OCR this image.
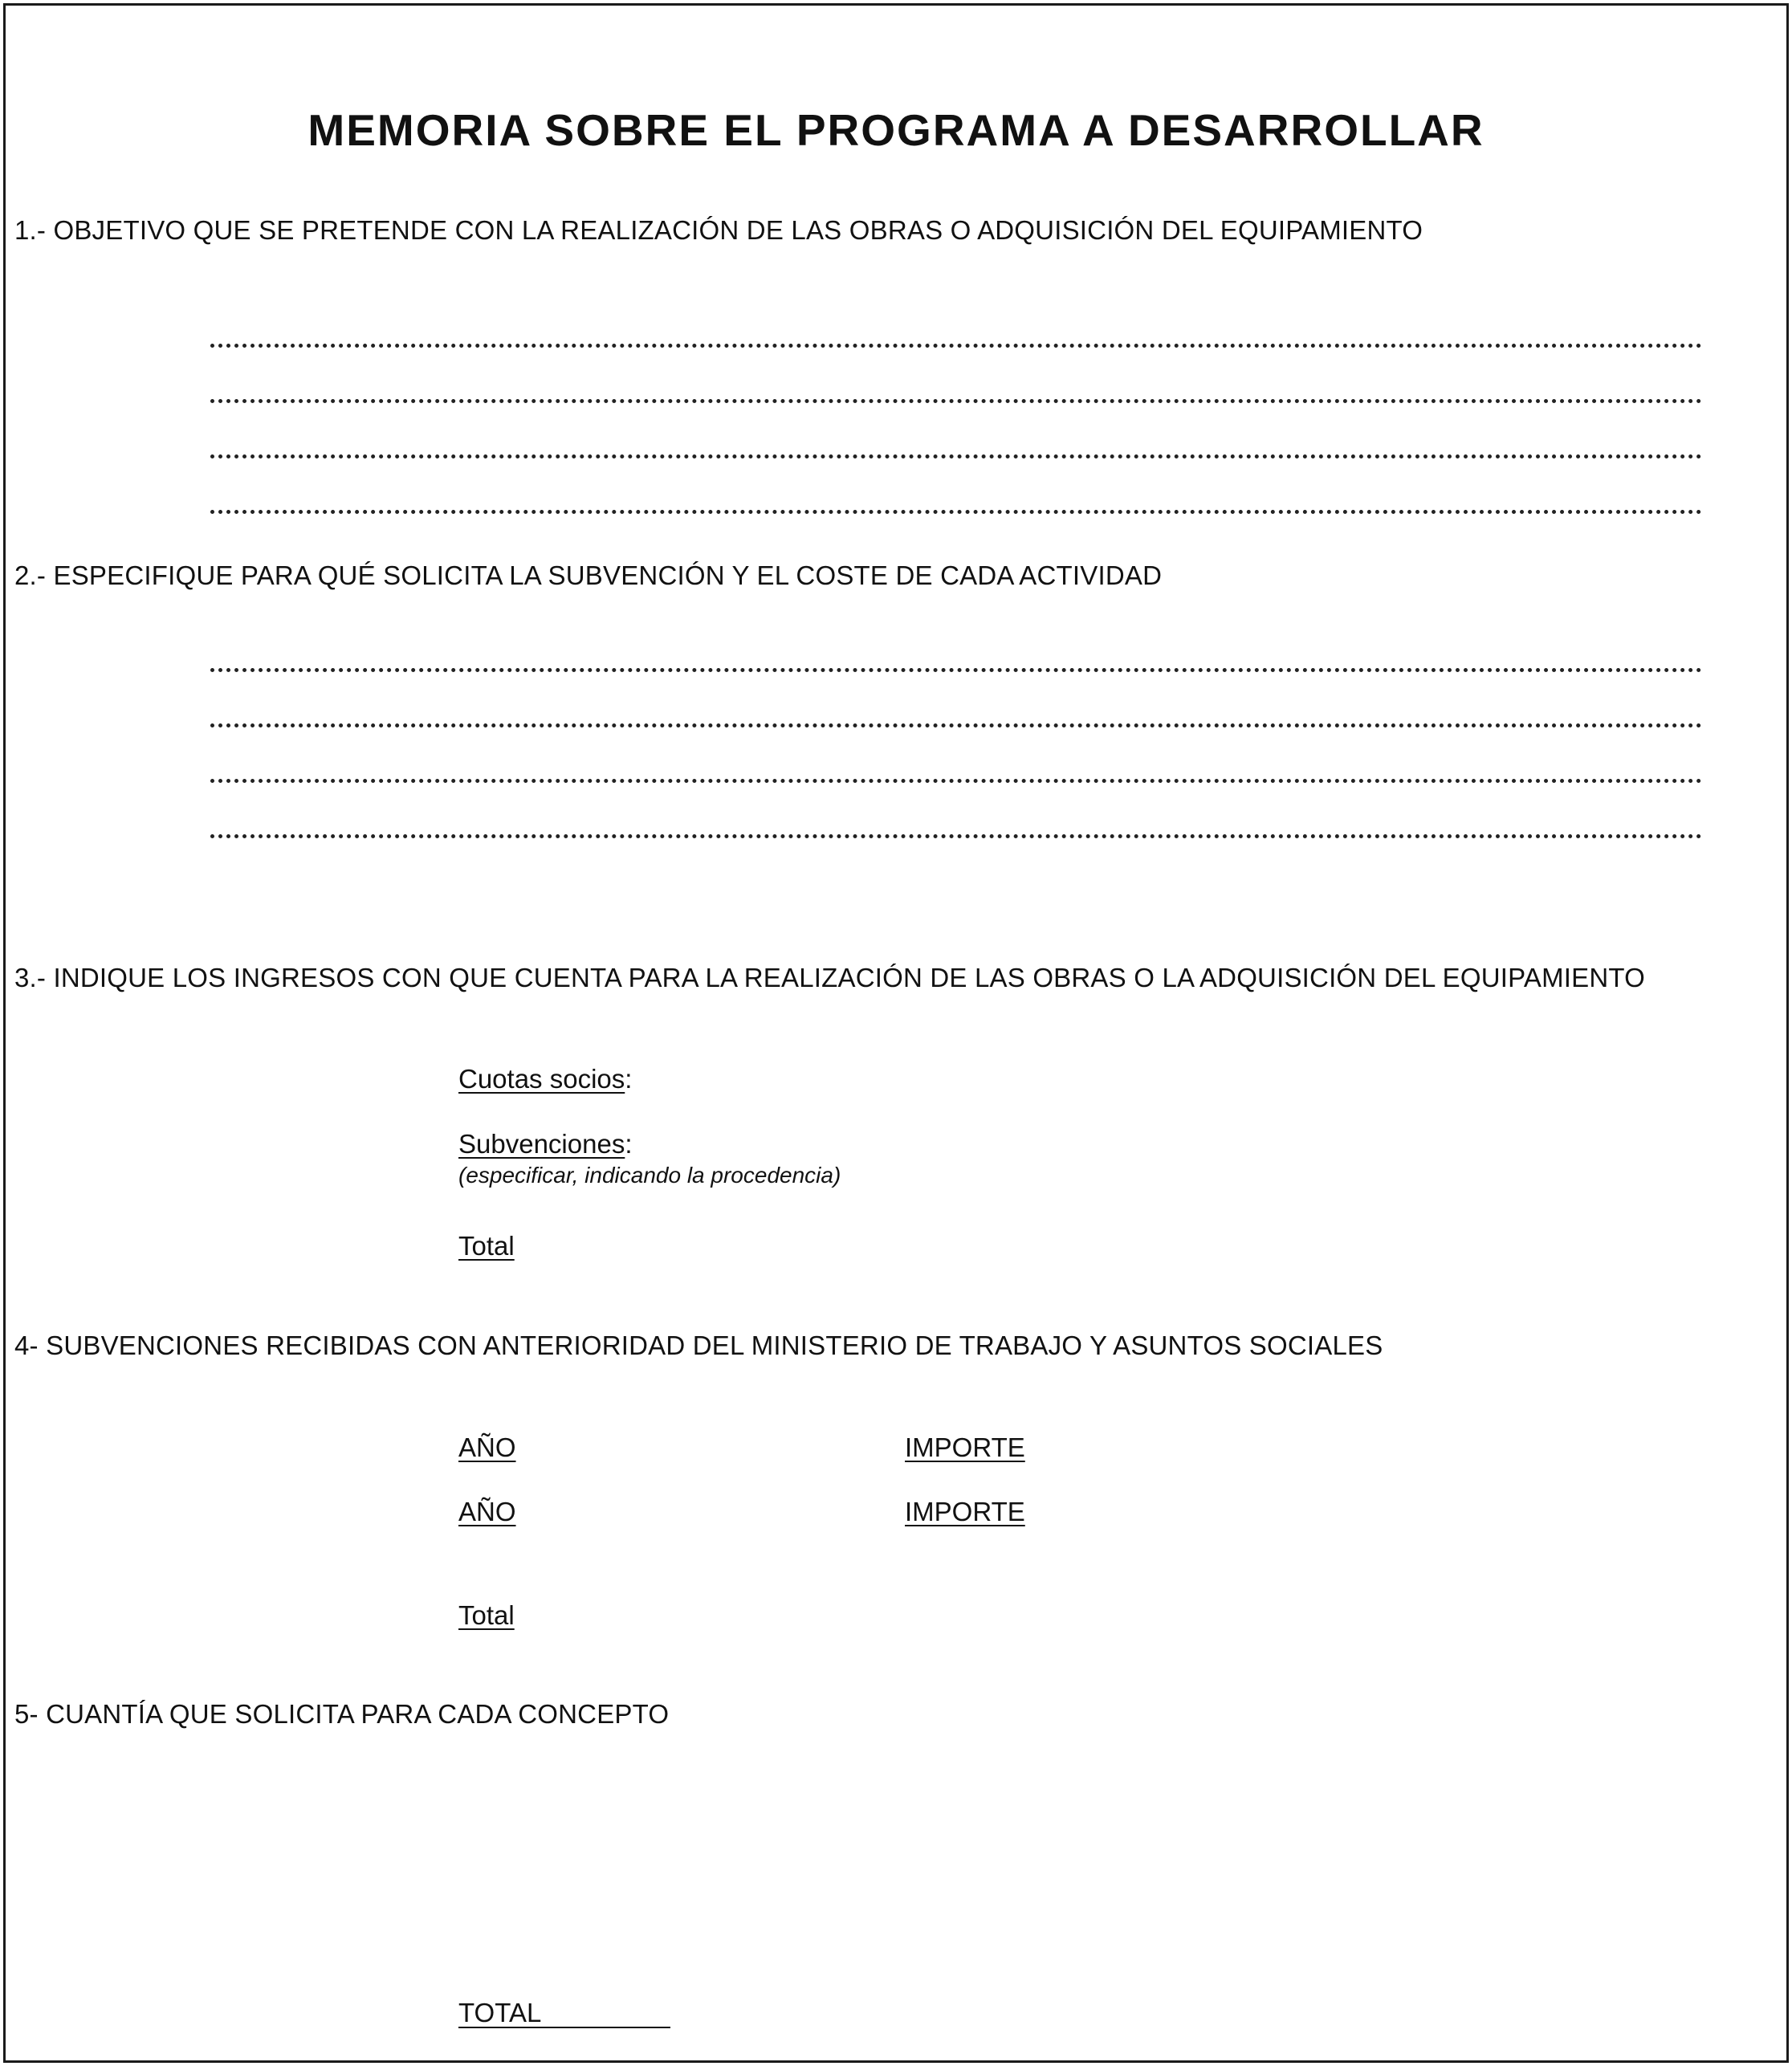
MEMORIA SOBRE EL PROGRAMA A DESARROLLAR
1.- OBJETIVO QUE SE PRETENDE CON LA REALIZACIÓN DE LAS OBRAS O ADQUISICIÓN DEL EQUIPAMIENTO
2.- ESPECIFIQUE PARA QUÉ SOLICITA LA SUBVENCIÓN Y EL COSTE DE CADA ACTIVIDAD
3.- INDIQUE LOS INGRESOS CON QUE CUENTA PARA LA REALIZACIÓN DE LAS OBRAS O LA ADQUISICIÓN DEL EQUIPAMIENTO
Cuotas socios:
Subvenciones:
(especificar, indicando la procedencia)
Total
4- SUBVENCIONES RECIBIDAS CON ANTERIORIDAD DEL MINISTERIO DE TRABAJO Y ASUNTOS SOCIALES
AÑO	IMPORTE
AÑO	IMPORTE
Total
5- CUANTÍA QUE SOLICITA PARA CADA CONCEPTO
TOTAL
